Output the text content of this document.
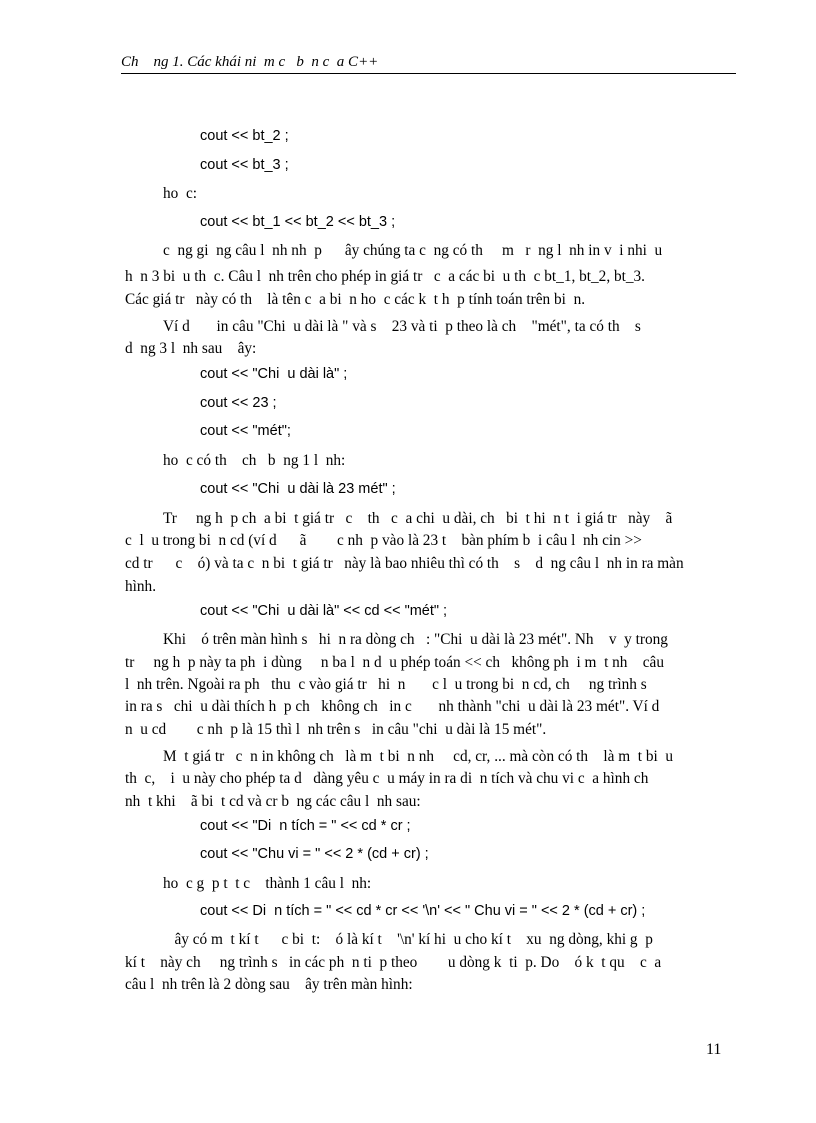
Ch    ng 1. Các khái ni  m c   b  n c  a C++
cout << bt_2 ;
cout << bt_3 ;
ho  c:
cout << bt_1 << bt_2 << bt_3 ;
c  ng gi  ng câu l  nh nh  p      ây chúng ta c  ng có th     m   r  ng l  nh in v  i nhi  u
h  n 3 bi  u th  c. Câu l  nh trên cho phép in giá tr   c  a các bi  u th  c bt_1, bt_2, bt_3.
Các giá tr   này có th    là tên c  a bi  n ho  c các k  t h  p tính toán trên bi  n.
Ví d       in câu "Chi  u dài là " và s    23 và ti  p theo là ch    "mét", ta có th    s
d  ng 3 l  nh sau    ây:
cout << "Chi  u dài là" ;
cout << 23 ;
cout << "mét";
ho  c có th    ch   b  ng 1 l  nh:
cout << "Chi  u dài là 23 mét" ;
Tr     ng h  p ch  a bi  t giá tr   c    th   c  a chi  u dài, ch   bi  t hi  n t  i giá tr   này    ã
c  l  u trong bi  n cd (ví d      ã        c nh  p vào là 23 t    bàn phím b  i câu l  nh cin >>
cd tr      c    ó) và ta c  n bi  t giá tr   này là bao nhiêu thì có th    s    d  ng câu l  nh in ra màn
hình.
cout << "Chi  u dài là" << cd << "mét" ;
Khi    ó trên màn hình s   hi  n ra dòng ch   : "Chi  u dài là 23 mét". Nh    v  y trong
tr     ng h  p này ta ph  i dùng     n ba l  n d  u phép toán << ch   không ph  i m  t nh    câu
l  nh trên. Ngoài ra ph   thu  c vào giá tr   hi  n       c l  u trong bi  n cd, ch     ng trình s
in ra s   chi  u dài thích h  p ch   không ch   in c       nh thành "chi  u dài là 23 mét". Ví d
n  u cd        c nh  p là 15 thì l  nh trên s   in câu "chi  u dài là 15 mét".
M  t giá tr   c  n in không ch   là m  t bi  n nh     cd, cr, ... mà còn có th    là m  t bi  u
th  c,    i  u này cho phép ta d   dàng yêu c  u máy in ra di  n tích và chu vi c  a hình ch
nh  t khi    ã bi  t cd và cr b  ng các câu l  nh sau:
cout << "Di  n tích = " << cd * cr ;
cout << "Chu vi = " << 2 * (cd + cr) ;
ho  c g  p t  t c    thành 1 câu l  nh:
cout << Di  n tích = " << cd * cr << '\n' << " Chu vi = " << 2 * (cd + cr) ;
ây có m  t kí t      c bi  t:    ó là kí t    '\n' kí hi  u cho kí t    xu  ng dòng, khi g  p
kí t    này ch     ng trình s   in các ph  n ti  p theo        u dòng k  ti  p. Do    ó k  t qu    c  a
câu l  nh trên là 2 dòng sau    ây trên màn hình:
11
